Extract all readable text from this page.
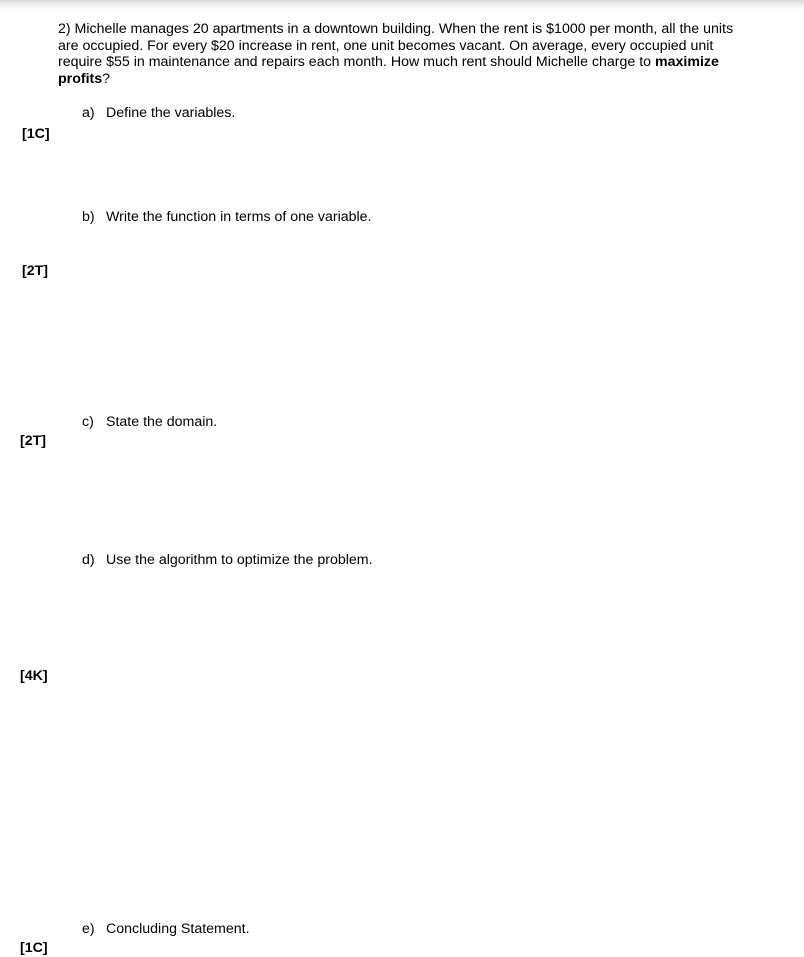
2) Michelle manages 20 apartments in a downtown building. When the rent is $1000 per month, all the units are occupied. For every $20 increase in rent, one unit becomes vacant. On average, every occupied unit require $55 in maintenance and repairs each month. How much rent should Michelle charge to maximize profits?
a) Define the variables.
[1C]
b) Write the function in terms of one variable.
[2T]
c) State the domain.
[2T]
d) Use the algorithm to optimize the problem.
[4K]
e) Concluding Statement.
[1C]
